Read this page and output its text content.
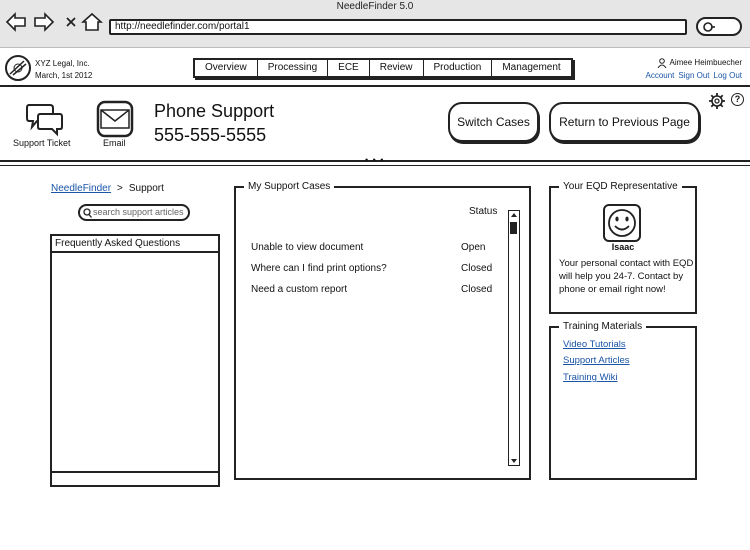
NeedleFinder 5.0
http://needlefinder.com/portal1
XYZ Legal, Inc.
March, 1st 2012
Overview	Processing	ECE	Review	Production	Management	Aimee Heimbuecher
Account Sign Out Log Out
Support Ticket	Email
Phone Support
555-555-5555
Switch Cases	Return to Previous Page
?
• • •
NeedleFinder > Support
search support articles
Frequently Asked Questions
My Support Cases
Status
Unable to view document	Open
Where can I find print options?	Closed
Need a custom report	Closed
Your EQD Representative
Isaac
Your personal contact with EQD will help you 24-7. Contact by phone or email right now!
Training Materials
Video Tutorials
Support Articles
Training Wiki
